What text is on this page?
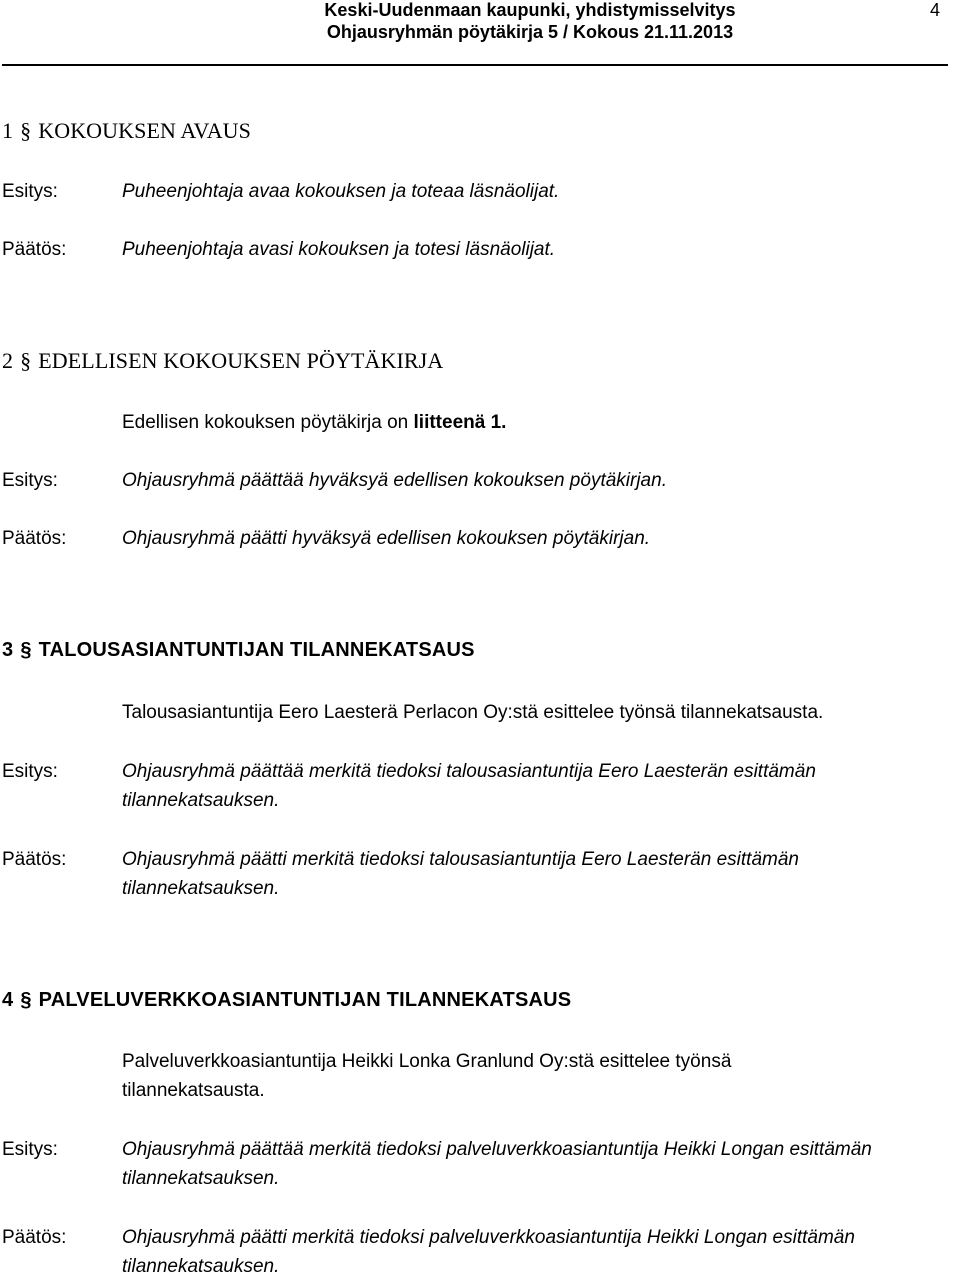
Keski-Uudenmaan kaupunki, yhdistymisselvitys
Ohjausryhmän pöytäkirja 5 / Kokous 21.11.2013
4
1 § KOKOUKSEN AVAUS
Esitys:	Puheenjohtaja avaa kokouksen ja toteaa läsnäolijat.
Päätös:	Puheenjohtaja avasi kokouksen ja totesi läsnäolijat.
2 § EDELLISEN KOKOUKSEN PÖYTÄKIRJA
Edellisen kokouksen pöytäkirja on liitteenä 1.
Esitys:	Ohjausryhmä päättää hyväksyä edellisen kokouksen pöytäkirjan.
Päätös:	Ohjausryhmä päätti hyväksyä edellisen kokouksen pöytäkirjan.
3 § TALOUSASIANTUNTIJAN TILANNEKATSAUS
Talousasiantuntija Eero Laesterä Perlacon Oy:stä esittelee työnsä tilannekatsausta.
Esitys:	Ohjausryhmä päättää merkitä tiedoksi talousasiantuntija Eero Laesterän esittämän tilannekatsauksen.
Päätös:	Ohjausryhmä päätti merkitä tiedoksi talousasiantuntija Eero Laesterän esittämän tilannekatsauksen.
4 § PALVELUVERKKOASIANTUNTIJAN TILANNEKATSAUS
Palveluverkkoasiantuntija Heikki Lonka Granlund Oy:stä esittelee työnsä tilannekatsausta.
Esitys:	Ohjausryhmä päättää merkitä tiedoksi palveluverkkoasiantuntija Heikki Longan esittämän tilannekatsauksen.
Päätös:	Ohjausryhmä päätti merkitä tiedoksi palveluverkkoasiantuntija Heikki Longan esittämän tilannekatsauksen.
